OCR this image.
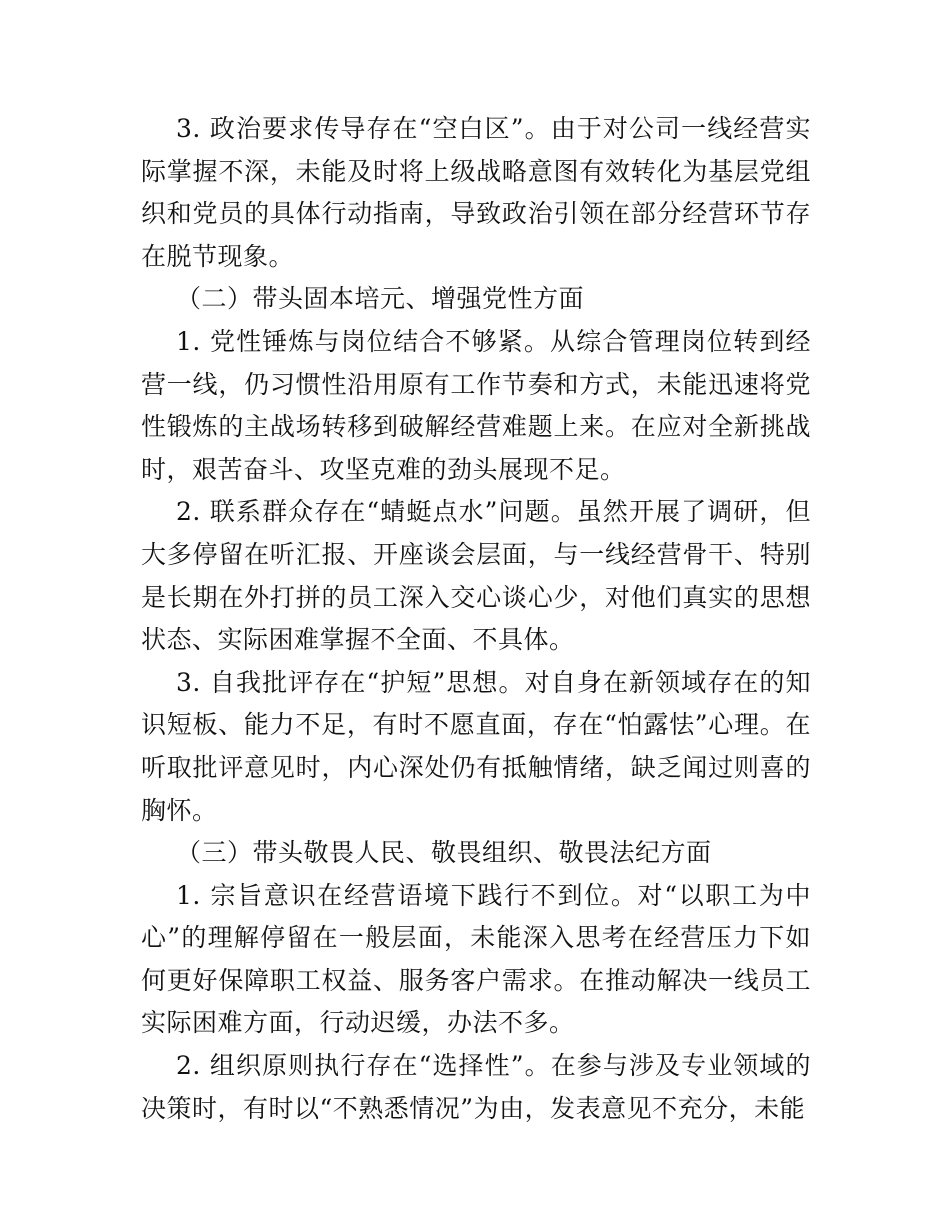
3. 政治要求传导存在“空白区”。由于对公司一线经营实际掌握不深，未能及时将上级战略意图有效转化为基层党组织和党员的具体行动指南，导致政治引领在部分经营环节存在脱节现象。

（二）带头固本培元、增强党性方面

1. 党性锤炼与岗位结合不够紧。从综合管理岗位转到经营一线，仍习惯性沿用原有工作节奏和方式，未能迅速将党性锻炼的主战场转移到破解经营难题上来。在应对全新挑战时，艰苦奋斗、攻坚克难的劲头展现不足。

2. 联系群众存在“蜻蜓点水”问题。虽然开展了调研，但大多停留在听汇报、开座谈会层面，与一线经营骨干、特别是长期在外打拼的员工深入交心谈心少，对他们真实的思想状态、实际困难掌握不全面、不具体。

3. 自我批评存在“护短”思想。对自身在新领域存在的知识短板、能力不足，有时不愿直面，存在“怕露怯”心理。在听取批评意见时，内心深处仍有抵触情绪，缺乏闻过则喜的胸怀。

（三）带头敬畏人民、敬畏组织、敬畏法纪方面

1. 宗旨意识在经营语境下践行不到位。对“以职工为中心”的理解停留在一般层面，未能深入思考在经营压力下如何更好保障职工权益、服务客户需求。在推动解决一线员工实际困难方面，行动迟缓，办法不多。

2. 组织原则执行存在“选择性”。在参与涉及专业领域的决策时，有时以“不熟悉情况”为由，发表意见不充分，未能
